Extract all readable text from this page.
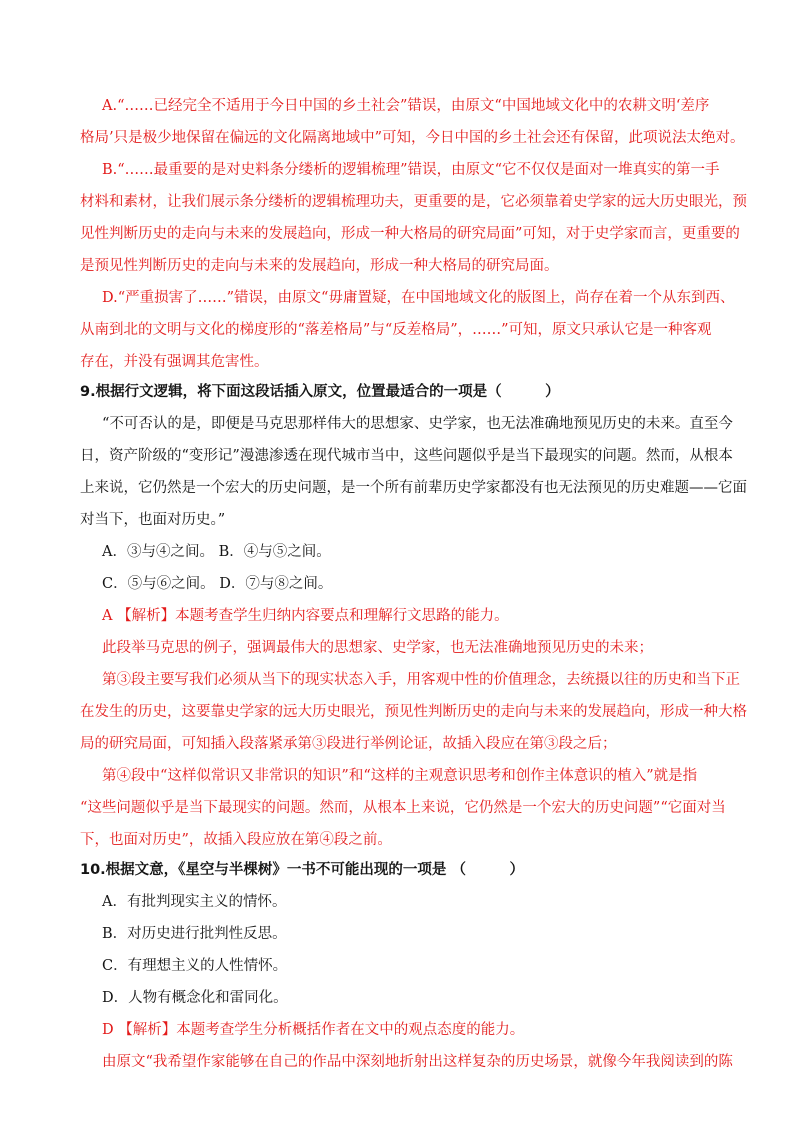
A.“……已经完全不适用于今日中国的乡土社会”错误，由原文“中国地域文化中的农耕文明‘差序
格局’只是极少地保留在偏远的文化隔离地域中”可知，今日中国的乡土社会还有保留，此项说法太绝对。
B.“……最重要的是对史料条分缕析的逻辑梳理”错误，由原文“它不仅仅是面对一堆真实的第一手
材料和素材，让我们展示条分缕析的逻辑梳理功夫，更重要的是，它必须靠着史学家的远大历史眼光，预
见性判断历史的走向与未来的发展趋向，形成一种大格局的研究局面”可知，对于史学家而言，更重要的
是预见性判断历史的走向与未来的发展趋向，形成一种大格局的研究局面。
D.“严重损害了……”错误，由原文“毋庸置疑，在中国地域文化的版图上，尚存在着一个从东到西、
从南到北的文明与文化的梯度形的“落差格局”与“反差格局”，……”可知，原文只承认它是一种客观
存在，并没有强调其危害性。
9.根据行文逻辑，将下面这段话插入原文，位置最适合的一项是（　　　）
“不可否认的是，即便是马克思那样伟大的思想家、史学家，也无法准确地预见历史的未来。直至今
日，资产阶级的“变形记”漫漶渗透在现代城市当中，这些问题似乎是当下最现实的问题。然而，从根本
上来说，它仍然是一个宏大的历史问题，是一个所有前辈历史学家都没有也无法预见的历史难题——它面
对当下，也面对历史。”
A．③与④之间。 B．④与⑤之间。
C．⑤与⑥之间。 D．⑦与⑧之间。
A 【解析】本题考查学生归纳内容要点和理解行文思路的能力。
此段举马克思的例子，强调最伟大的思想家、史学家，也无法准确地预见历史的未来；
第③段主要写我们必须从当下的现实状态入手，用客观中性的价值理念，去统摄以往的历史和当下正
在发生的历史，这要靠史学家的远大历史眼光，预见性判断历史的走向与未来的发展趋向，形成一种大格
局的研究局面，可知插入段落紧承第③段进行举例论证，故插入段应在第③段之后；
第④段中“这样似常识又非常识的知识”和“这样的主观意识思考和创作主体意识的植入”就是指
“这些问题似乎是当下最现实的问题。然而，从根本上来说，它仍然是一个宏大的历史问题”“它面对当
下，也面对历史”，故插入段应放在第④段之前。
10.根据文意，《星空与半棵树》一书不可能出现的一项是 （　　　）
A．有批判现实主义的情怀。
B．对历史进行批判性反思。
C．有理想主义的人性情怀。
D．人物有概念化和雷同化。
D 【解析】本题考查学生分析概括作者在文中的观点态度的能力。
由原文“我希望作家能够在自己的作品中深刻地折射出这样复杂的历史场景，就像今年我阅读到的陈
